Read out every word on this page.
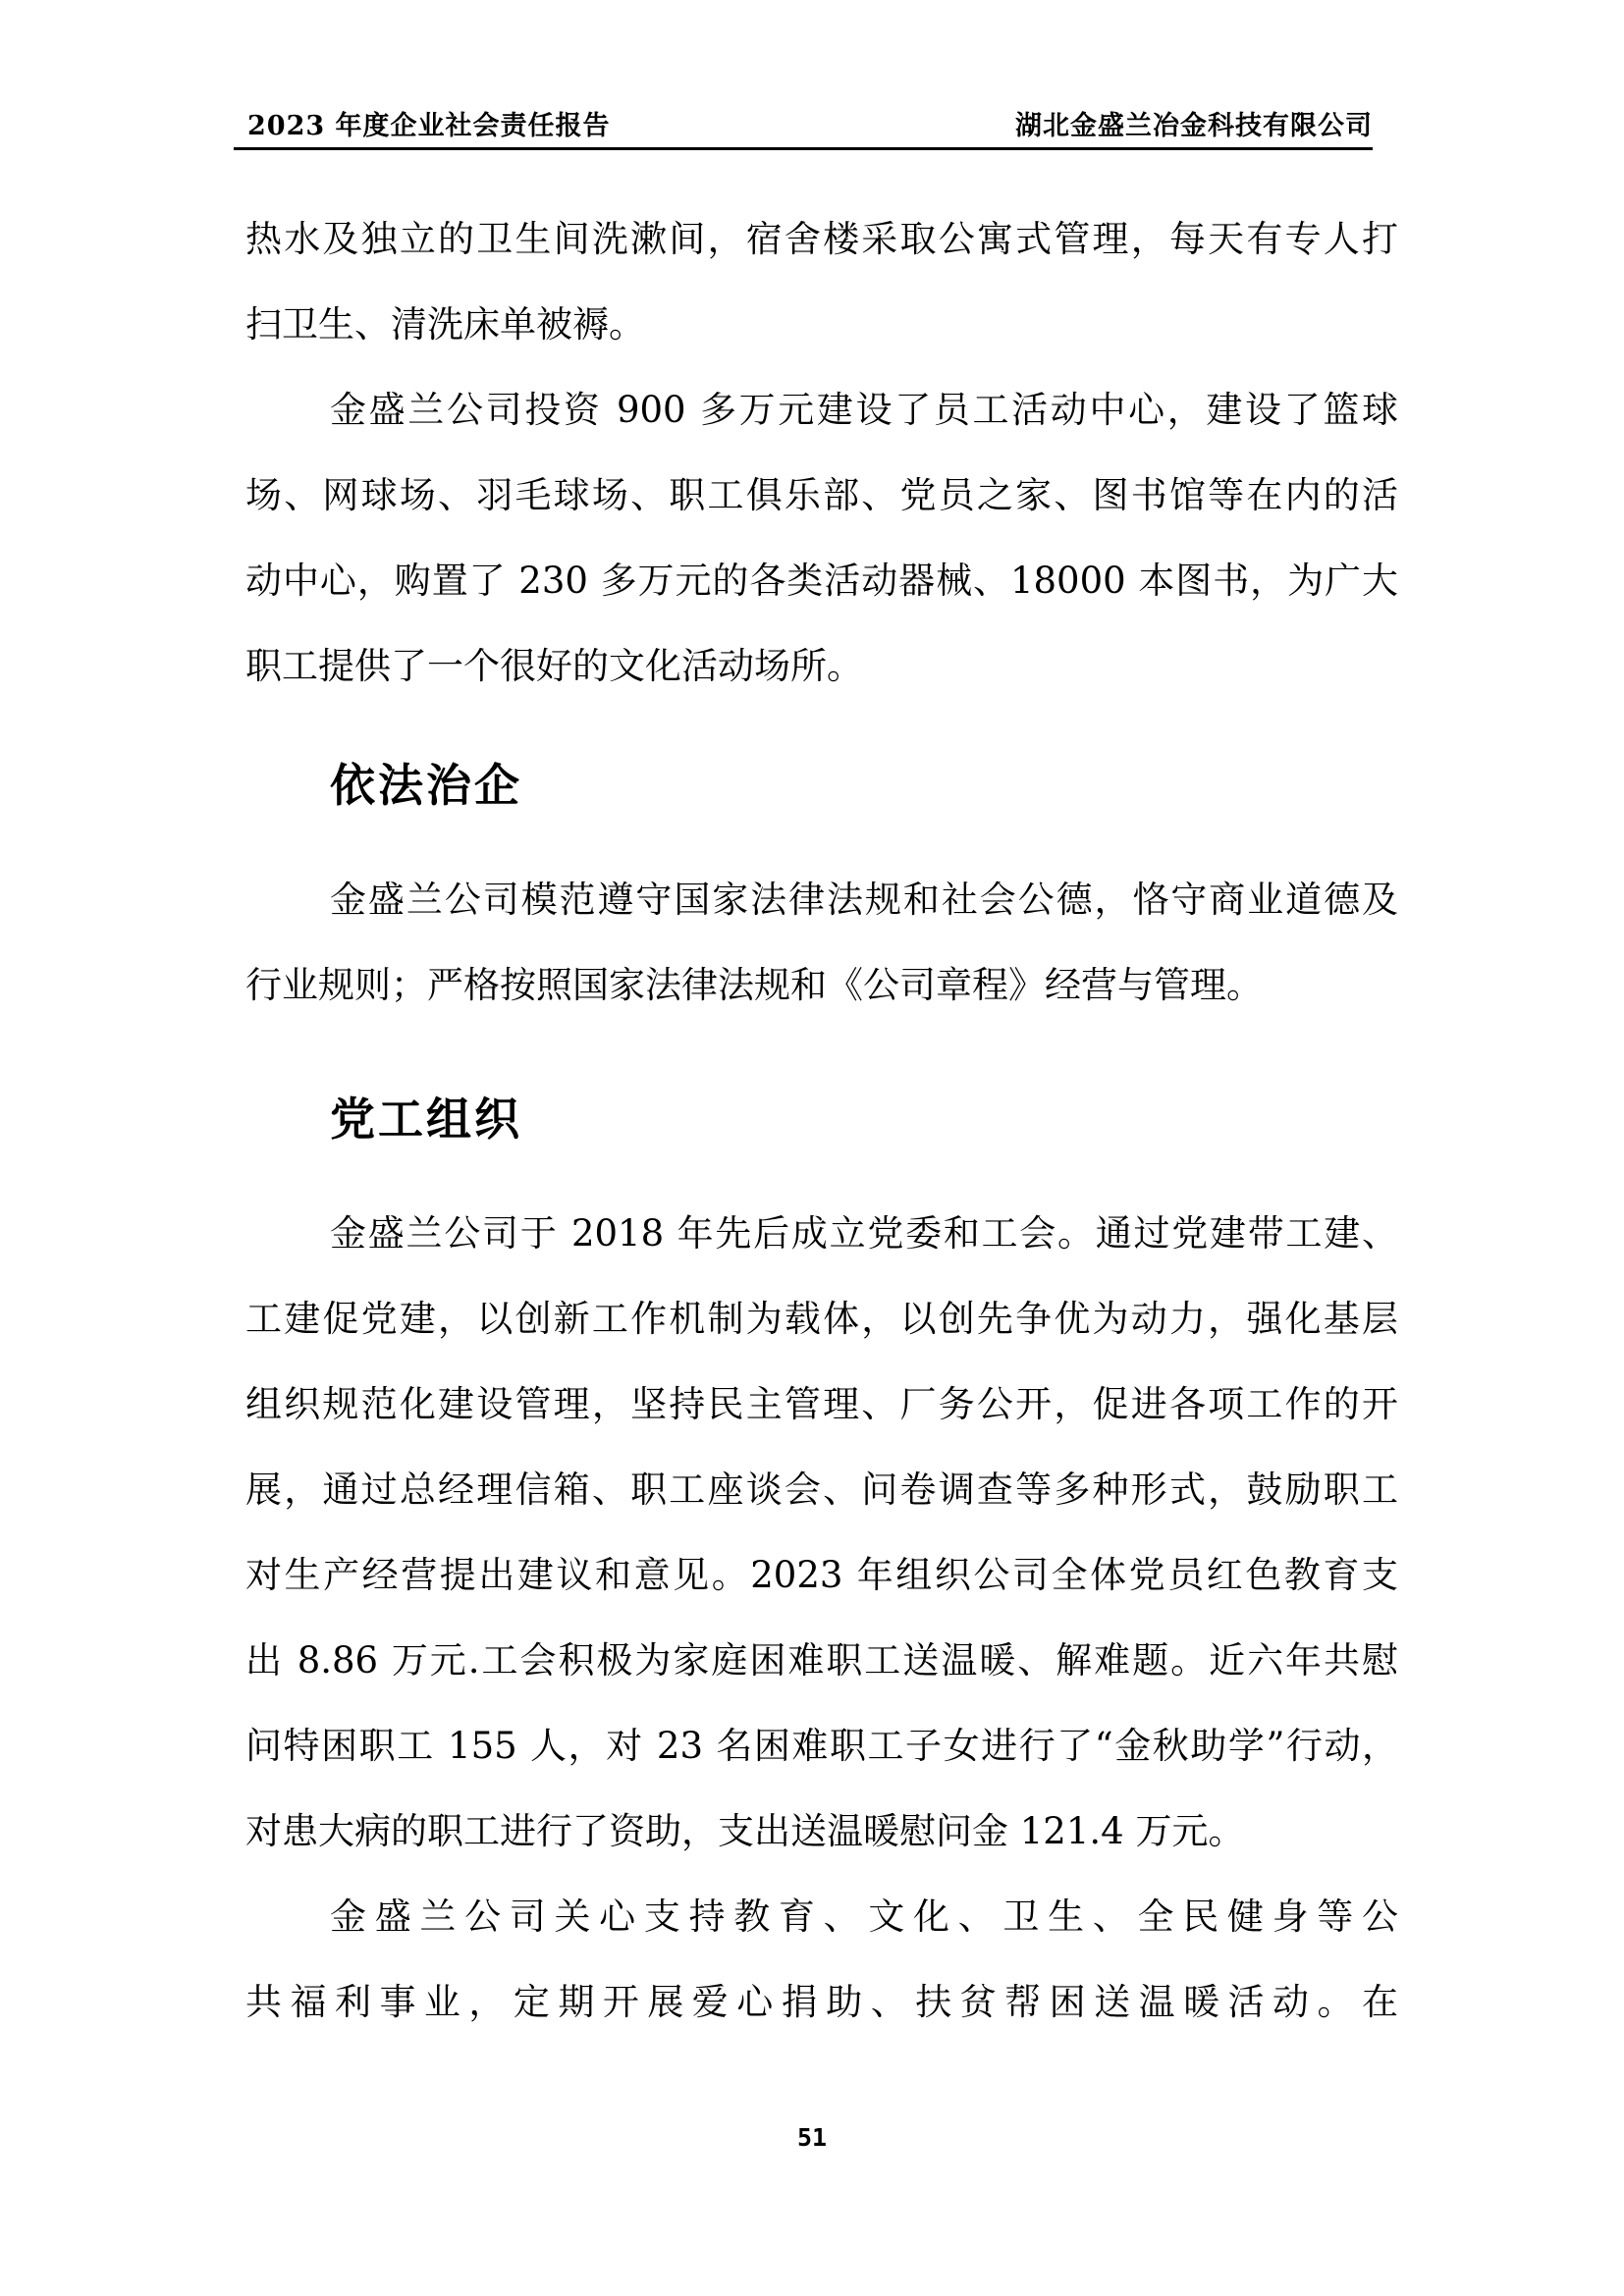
2023 年度企业社会责任报告	湖北金盛兰冶金科技有限公司
热水及独立的卫生间洗漱间，宿舍楼采取公寓式管理，每天有专人打
扫卫生、清洗床单被褥。
金盛兰公司投资 900 多万元建设了员工活动中心，建设了篮球
场、网球场、羽毛球场、职工俱乐部、党员之家、图书馆等在内的活
动中心，购置了 230 多万元的各类活动器械、18000 本图书，为广大
职工提供了一个很好的文化活动场所。
依法治企
金盛兰公司模范遵守国家法律法规和社会公德，恪守商业道德及
行业规则；严格按照国家法律法规和《公司章程》经营与管理。
党工组织
金盛兰公司于 2018 年先后成立党委和工会。通过党建带工建、
工建促党建，以创新工作机制为载体，以创先争优为动力，强化基层
组织规范化建设管理，坚持民主管理、厂务公开，促进各项工作的开
展，通过总经理信箱、职工座谈会、问卷调查等多种形式，鼓励职工
对生产经营提出建议和意见。2023 年组织公司全体党员红色教育支
出 8.86 万元.工会积极为家庭困难职工送温暖、解难题。近六年共慰
问特困职工 155 人，对 23 名困难职工子女进行了“金秋助学”行动，
对患大病的职工进行了资助，支出送温暖慰问金 121.4 万元。
金盛兰公司关心支持教育、文化、卫生、全民健身等公
共福利事业，定期开展爱心捐助、扶贫帮困送温暖活动。在
51
